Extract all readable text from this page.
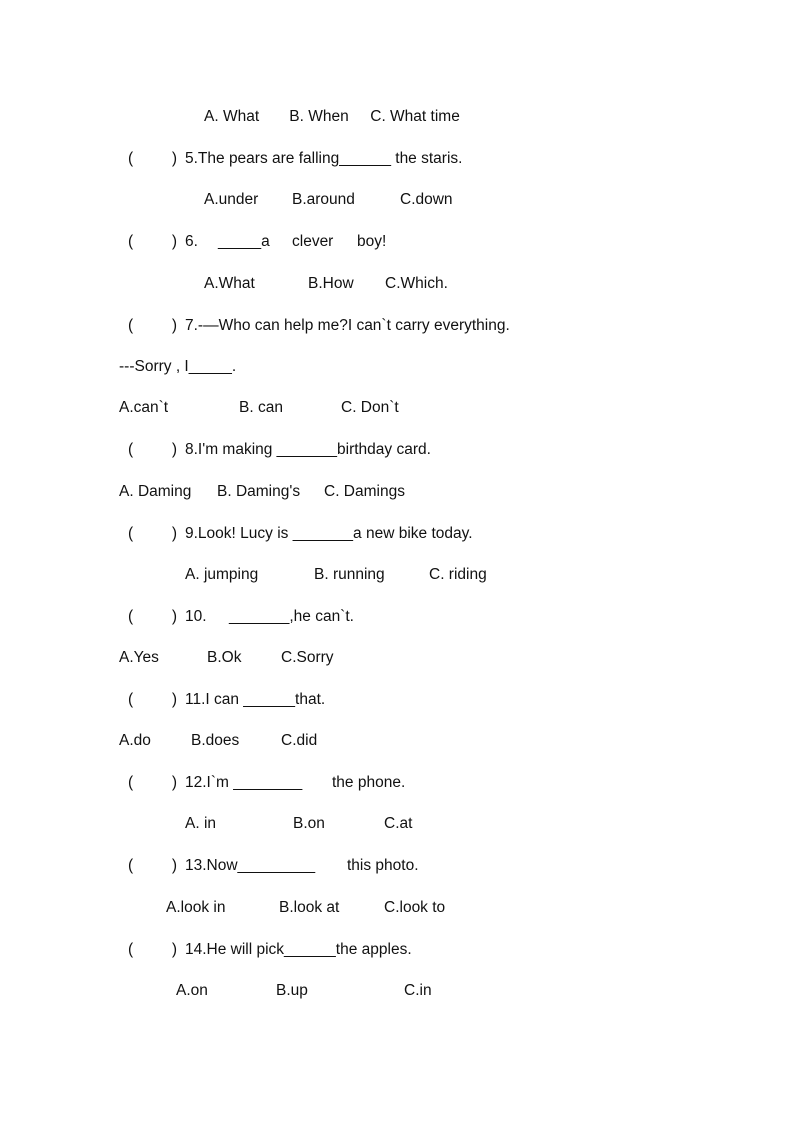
A. What       B. When     C. What time

(         )

5.The pears are falling______ the staris.

A.under

B.around

	C.down

(         )

6.

_____a

clever

boy!

A.What

	B.How

C.Which.

(         )

7.-—Who can help me?I can`t carry everything.

---Sorry , I_____.

A.can`t

	B. can

	C. Don`t

(         )

8.I'm making _______birthday card.

A. Daming

B. Daming's

C. Damings

(         )

9.Look! Lucy is _______a new bike today.

A. jumping

	B. running

	C. riding

(         )

10.

_______,he can`t.

A.Yes

	B.Ok

	C.Sorry

(         )

11.I can ______that.

A.do

	B.does

	C.did

(         )

12.I`m ________

the phone.

A. in

	B.on

	C.at

(         )

13.Now_________

this photo.

A.look in

	B.look at

	C.look to

(         )

14.He will pick______the apples.

A.on

	B.up

	C.in
